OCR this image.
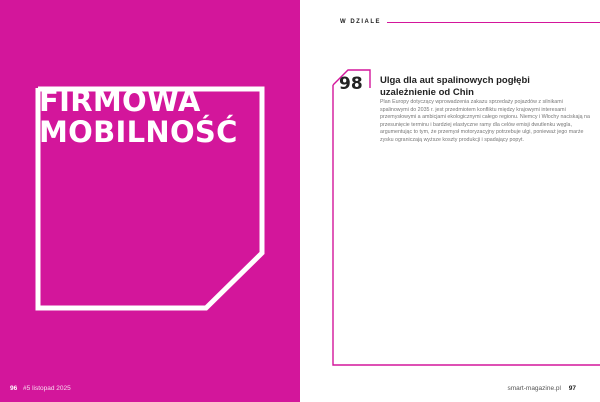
FIRMOWA
MOBILNOŚĆ
96 #5 listopad 2025
W DZIALE
98 Ulga dla aut spalinowych pogłębi uzależnienie od Chin

Plan Europy dotyczący wprowadzenia zakazu sprzedaży pojazdów z silnikami spalinowymi do 2035 r. jest przedmiotem konfliktu między krajowymi interesami przemysłowymi a ambicjami ekologicznymi całego regionu. Niemcy i Włochy naciskają na przesunięcie terminu i bardziej elastyczne ramy dla celów emisji dwutlenku węgla, argumentując to tym, że przemysł motoryzacyjny potrzebuje ulgi, ponieważ jego marże zysku ograniczają wyższe koszty produkcji i spadający popyt.

smart-magazine.pl 97
